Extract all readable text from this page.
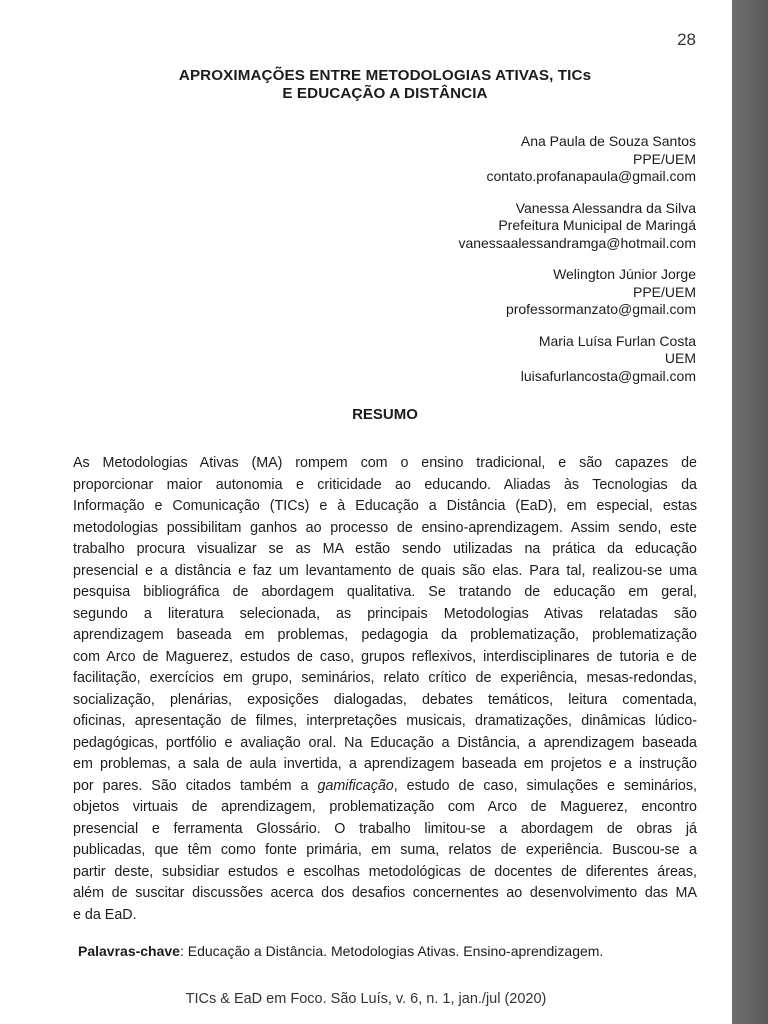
28
APROXIMAÇÕES ENTRE METODOLOGIAS ATIVAS, TICs
E EDUCAÇÃO A DISTÂNCIA
Ana Paula de Souza Santos
PPE/UEM
contato.profanapaula@gmail.com
Vanessa Alessandra da Silva
Prefeitura Municipal de Maringá
vanessaalessandramga@hotmail.com
Welington Júnior Jorge
PPE/UEM
professormanzato@gmail.com
Maria Luísa Furlan Costa
UEM
luisafurlancosta@gmail.com
RESUMO
As Metodologias Ativas (MA) rompem com o ensino tradicional, e são capazes de
proporcionar maior autonomia e criticidade ao educando. Aliadas às Tecnologias da
Informação e Comunicação (TICs) e à Educação a Distância (EaD), em especial, estas
metodologias possibilitam ganhos ao processo de ensino-aprendizagem. Assim sendo, este
trabalho procura visualizar se as MA estão sendo utilizadas na prática da educação
presencial e a distância e faz um levantamento de quais são elas. Para tal, realizou-se uma
pesquisa bibliográfica de abordagem qualitativa. Se tratando de educação em geral,
segundo a literatura selecionada, as principais Metodologias Ativas relatadas são
aprendizagem baseada em problemas, pedagogia da problematização, problematização
com Arco de Maguerez, estudos de caso, grupos reflexivos, interdisciplinares de tutoria e de
facilitação, exercícios em grupo, seminários, relato crítico de experiência, mesas-redondas,
socialização, plenárias, exposições dialogadas, debates temáticos, leitura comentada,
oficinas, apresentação de filmes, interpretações musicais, dramatizações, dinâmicas lúdico-
pedagógicas, portfólio e avaliação oral. Na Educação a Distância, a aprendizagem baseada
em problemas, a sala de aula invertida, a aprendizagem baseada em projetos e a instrução
por pares. São citados também a gamificação, estudo de caso, simulações e seminários,
objetos virtuais de aprendizagem, problematização com Arco de Maguerez, encontro
presencial e ferramenta Glossário. O trabalho limitou-se a abordagem de obras já
publicadas, que têm como fonte primária, em suma, relatos de experiência. Buscou-se a
partir deste, subsidiar estudos e escolhas metodológicas de docentes de diferentes áreas,
além de suscitar discussões acerca dos desafios concernentes ao desenvolvimento das MA
e da EaD.
Palavras-chave: Educação a Distância. Metodologias Ativas. Ensino-aprendizagem.
TICs & EaD em Foco. São Luís, v. 6, n. 1, jan./jul (2020)
